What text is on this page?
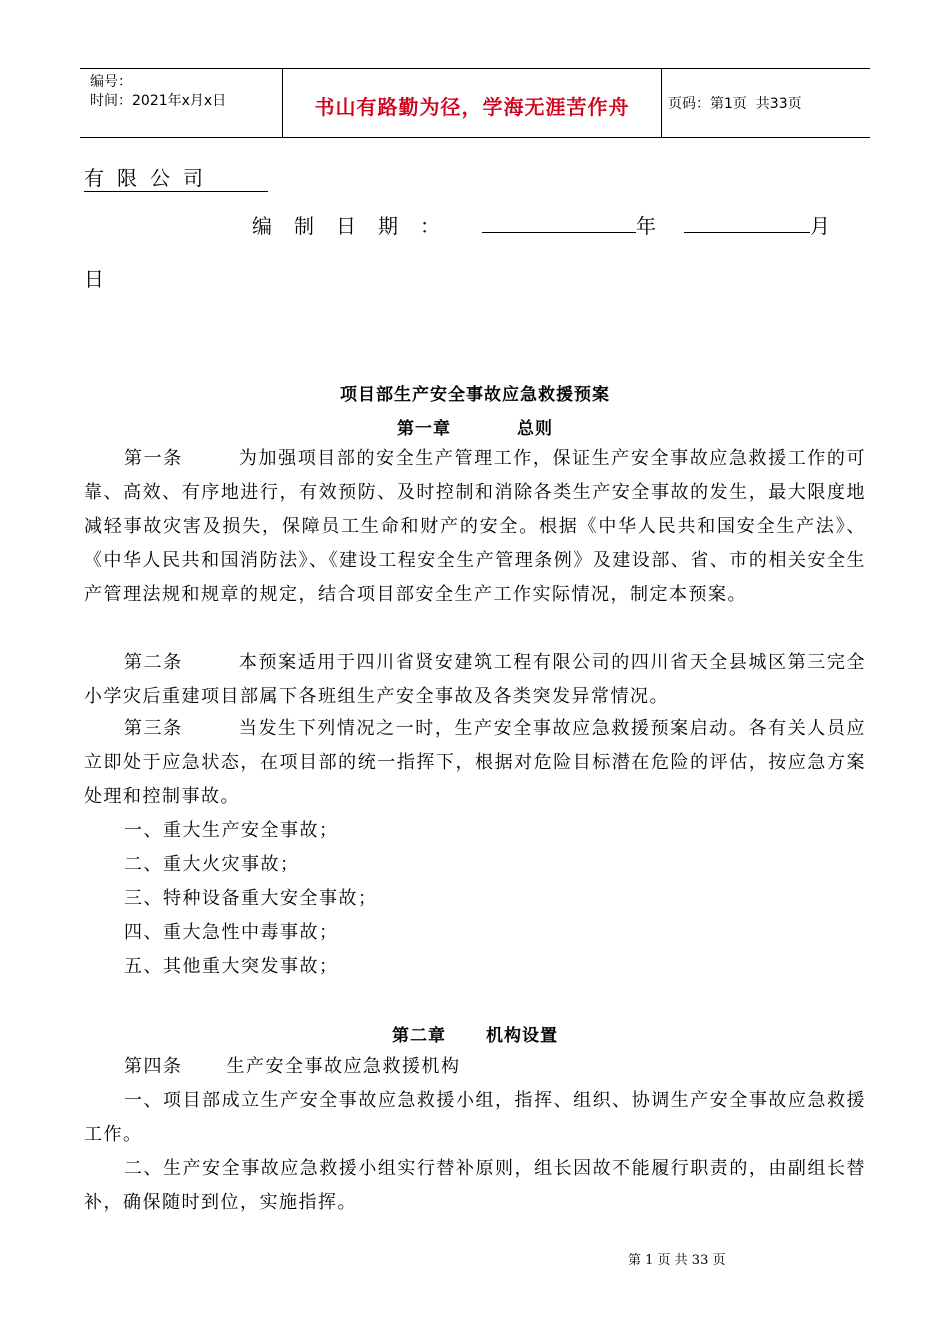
编号：
时间：2021年x月x日	书山有路勤为径，学海无涯苦作舟	页码：第1页  共33页
有限公司
编制日期：	年	月
日
项目部生产安全事故应急救援预案
第一章	总则
第一条	为加强项目部的安全生产管理工作，保证生产安全事故应急救援工作的可靠、高效、有序地进行，有效预防、及时控制和消除各类生产安全事故的发生，最大限度地减轻事故灾害及损失，保障员工生命和财产的安全。根据《中华人民共和国安全生产法》、《中华人民共和国消防法》、《建设工程安全生产管理条例》及建设部、省、市的相关安全生产管理法规和规章的规定，结合项目部安全生产工作实际情况，制定本预案。
第二条	本预案适用于四川省贤安建筑工程有限公司的四川省天全县城区第三完全小学灾后重建项目部属下各班组生产安全事故及各类突发异常情况。
第三条	当发生下列情况之一时，生产安全事故应急救援预案启动。各有关人员应立即处于应急状态，在项目部的统一指挥下，根据对危险目标潜在危险的评估，按应急方案处理和控制事故。
一、重大生产安全事故；
二、重大火灾事故；
三、特种设备重大安全事故；
四、重大急性中毒事故；
五、其他重大突发事故；
第二章 机构设置
第四条 生产安全事故应急救援机构
一、项目部成立生产安全事故应急救援小组，指挥、组织、协调生产安全事故应急救援工作。
二、生产安全事故应急救援小组实行替补原则，组长因故不能履行职责的，由副组长替补，确保随时到位，实施指挥。
第 1 页 共 33 页
